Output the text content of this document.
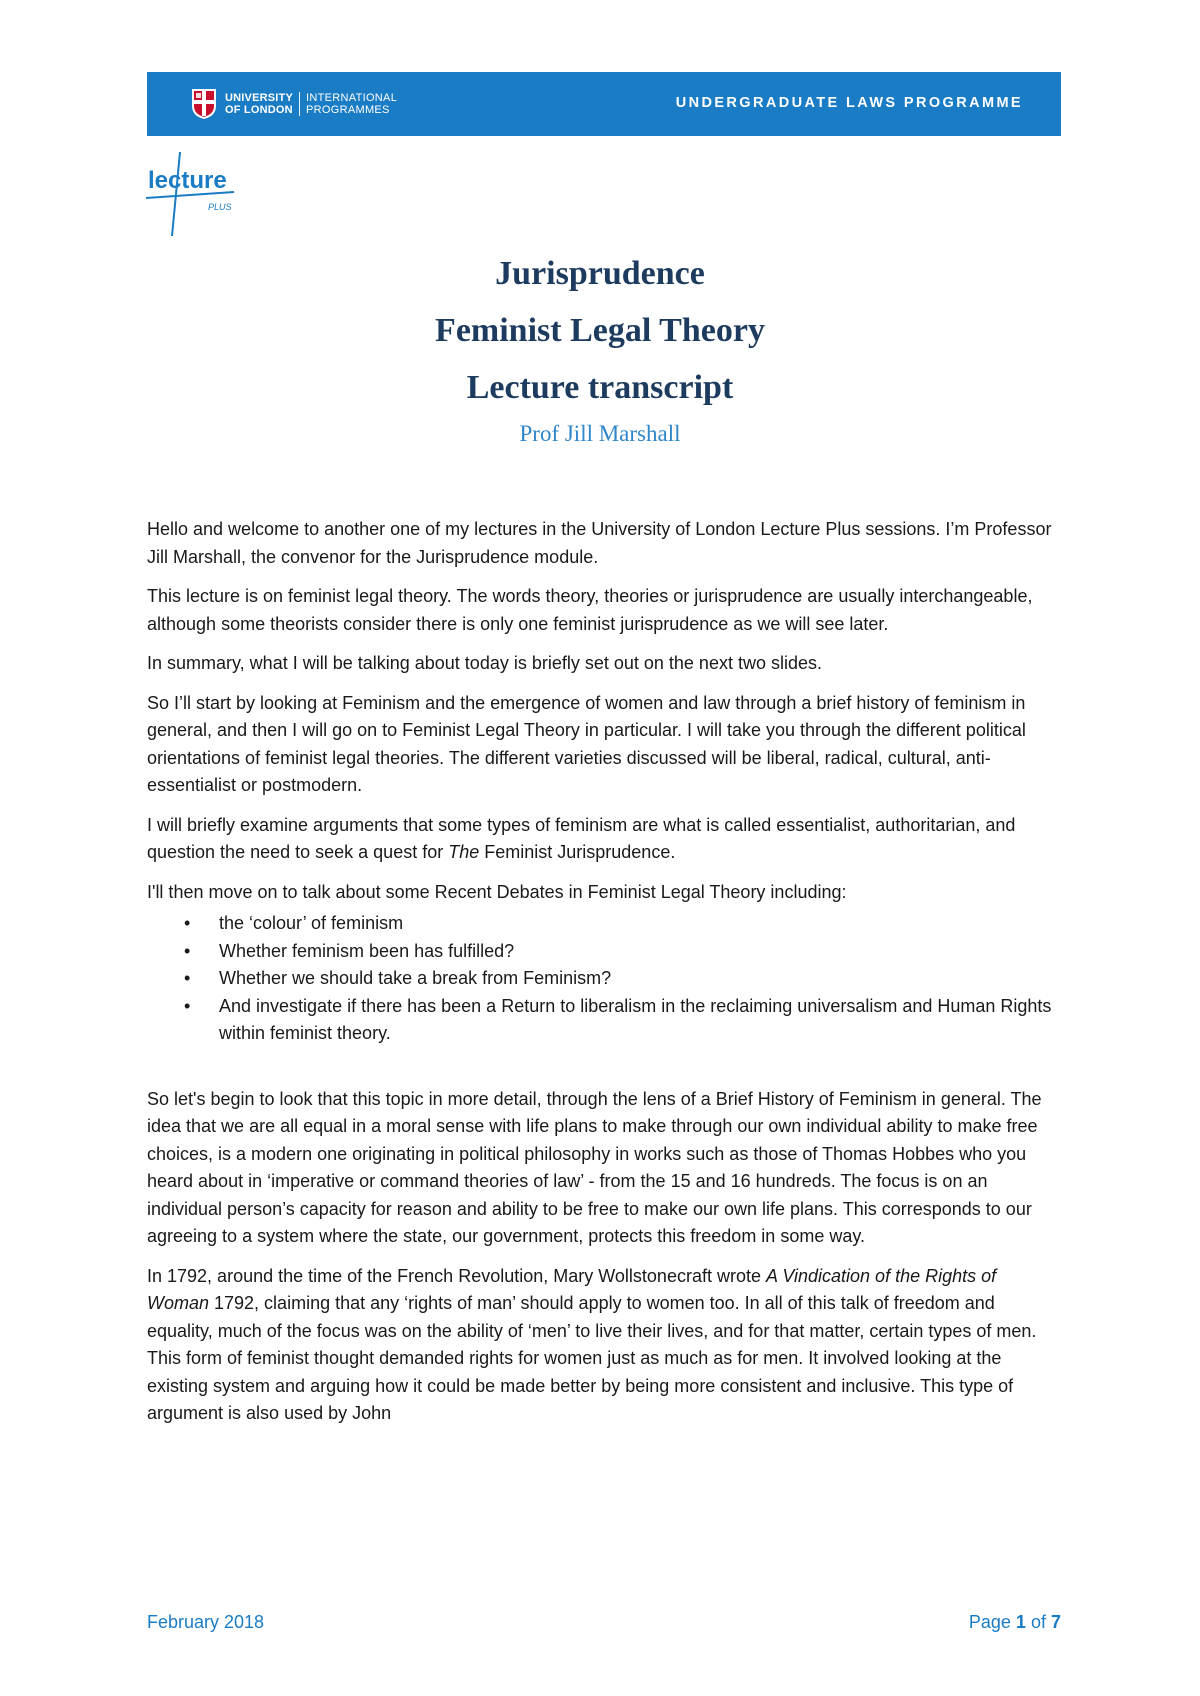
UNIVERSITY
OF LONDON
INTERNATIONAL
PROGRAMMES	UNDERGRADUATE LAWS PROGRAMME
lecture
PLUS
Jurisprudence
Feminist Legal Theory
Lecture transcript
Prof Jill Marshall

Hello and welcome to another one of my lectures in the University of London Lecture Plus sessions. I’m Professor Jill Marshall, the convenor for the Jurisprudence module.

This lecture is on feminist legal theory. The words theory, theories or jurisprudence are usually interchangeable, although some theorists consider there is only one feminist jurisprudence as we will see later.

In summary, what I will be talking about today is briefly set out on the next two slides.

So I’ll start by looking at Feminism and the emergence of women and law through a brief history of feminism in general, and then I will go on to Feminist Legal Theory in particular. I will take you through the different political orientations of feminist legal theories. The different varieties discussed will be liberal, radical, cultural, anti-essentialist or postmodern.

I will briefly examine arguments that some types of feminism are what is called essentialist, authoritarian, and question the need to seek a quest for The Feminist Jurisprudence.

I'll then move on to talk about some Recent Debates in Feminist Legal Theory including:

• the ‘colour’ of feminism
• Whether feminism been has fulfilled?
• Whether we should take a break from Feminism?
• And investigate if there has been a Return to liberalism in the reclaiming universalism and Human Rights within feminist theory.

So let's begin to look that this topic in more detail, through the lens of a Brief History of Feminism in general. The idea that we are all equal in a moral sense with life plans to make through our own individual ability to make free choices, is a modern one originating in political philosophy in works such as those of Thomas Hobbes who you heard about in ‘imperative or command theories of law’ - from the 15 and 16 hundreds. The focus is on an individual person’s capacity for reason and ability to be free to make our own life plans. This corresponds to our agreeing to a system where the state, our government, protects this freedom in some way.

In 1792, around the time of the French Revolution, Mary Wollstonecraft wrote A Vindication of the Rights of Woman 1792, claiming that any ‘rights of man’ should apply to women too. In all of this talk of freedom and equality, much of the focus was on the ability of ‘men’ to live their lives, and for that matter, certain types of men. This form of feminist thought demanded rights for women just as much as for men. It involved looking at the existing system and arguing how it could be made better by being more consistent and inclusive. This type of argument is also used by John

February 2018	Page 1 of 7
